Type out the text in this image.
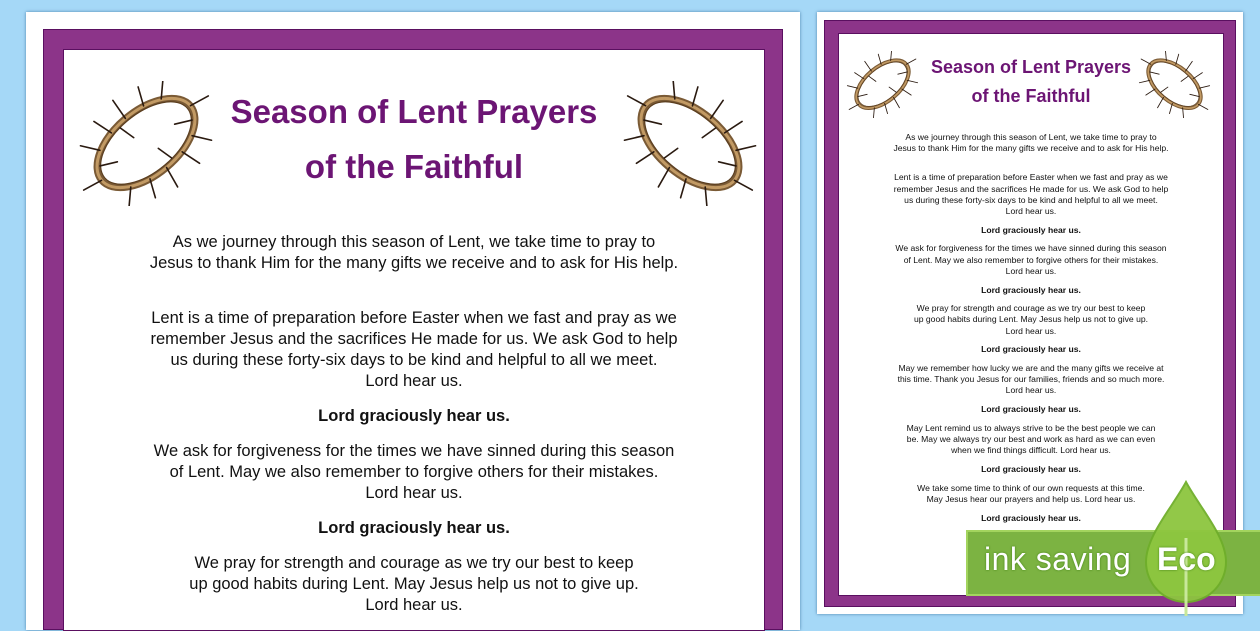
Season of Lent Prayers
of the Faithful
As we journey through this season of Lent, we take time to pray to
Jesus to thank Him for the many gifts we receive and to ask for His help.
Lent is a time of preparation before Easter when we fast and pray as we
remember Jesus and the sacrifices He made for us. We ask God to help
us during these forty-six days to be kind and helpful to all we meet.
Lord hear us.
Lord graciously hear us.
We ask for forgiveness for the times we have sinned during this season
of Lent. May we also remember to forgive others for their mistakes.
Lord hear us.
Lord graciously hear us.
We pray for strength and courage as we try our best to keep
up good habits during Lent. May Jesus help us not to give up.
Lord hear us.
Season of Lent Prayers
of the Faithful
As we journey through this season of Lent, we take time to pray to
Jesus to thank Him for the many gifts we receive and to ask for His help.
Lent is a time of preparation before Easter when we fast and pray as we
remember Jesus and the sacrifices He made for us. We ask God to help
us during these forty-six days to be kind and helpful to all we meet.
Lord hear us.
Lord graciously hear us.
We ask for forgiveness for the times we have sinned during this season
of Lent. May we also remember to forgive others for their mistakes.
Lord hear us.
Lord graciously hear us.
We pray for strength and courage as we try our best to keep
up good habits during Lent. May Jesus help us not to give up.
Lord hear us.
Lord graciously hear us.
May we remember how lucky we are and the many gifts we receive at
this time. Thank you Jesus for our families, friends and so much more.
Lord hear us.
Lord graciously hear us.
May Lent remind us to always strive to be the best people we can
be. May we always try our best and work as hard as we can even
when we find things difficult. Lord hear us.
Lord graciously hear us.
We take some time to think of our own requests at this time.
May Jesus hear our prayers and help us. Lord hear us.
Lord graciously hear us.
ink saving Eco
